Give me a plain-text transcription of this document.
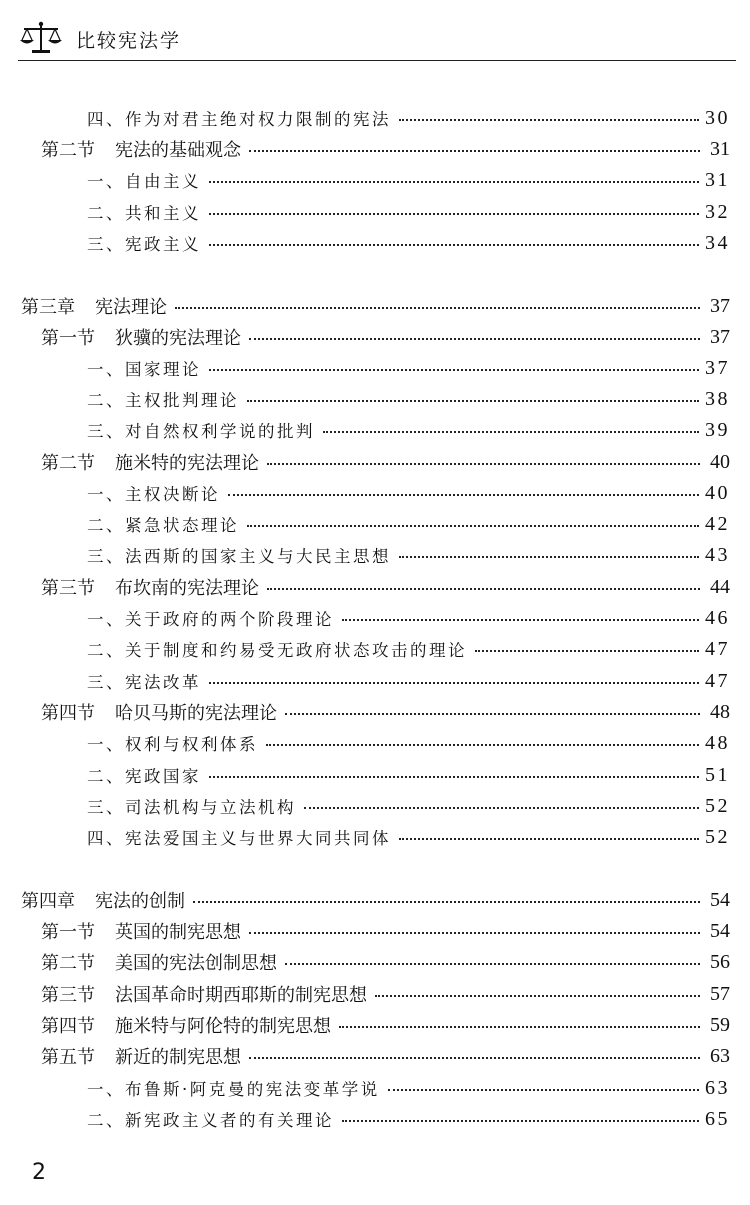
比较宪法学
四、 作为对君主绝对权力限制的宪法	30
第二节 宪法的基础观念	31
一、 自由主义	31
二、 共和主义	32
三、 宪政主义	34
第三章 宪法理论	37
第一节 狄骥的宪法理论	37
一、 国家理论	37
二、 主权批判理论	38
三、 对自然权利学说的批判	39
第二节 施米特的宪法理论	40
一、 主权决断论	40
二、 紧急状态理论	42
三、 法西斯的国家主义与大民主思想	43
第三节 布坎南的宪法理论	44
一、 关于政府的两个阶段理论	46
二、 关于制度和约易受无政府状态攻击的理论	47
三、 宪法改革	47
第四节 哈贝马斯的宪法理论	48
一、 权利与权利体系	48
二、 宪政国家	51
三、 司法机构与立法机构	52
四、 宪法爱国主义与世界大同共同体	52
第四章 宪法的创制	54
第一节 英国的制宪思想	54
第二节 美国的宪法创制思想	56
第三节 法国革命时期西耶斯的制宪思想	57
第四节 施米特与阿伦特的制宪思想	59
第五节 新近的制宪思想	63
一、 布鲁斯·阿克曼的宪法变革学说	63
二、 新宪政主义者的有关理论	65
2
